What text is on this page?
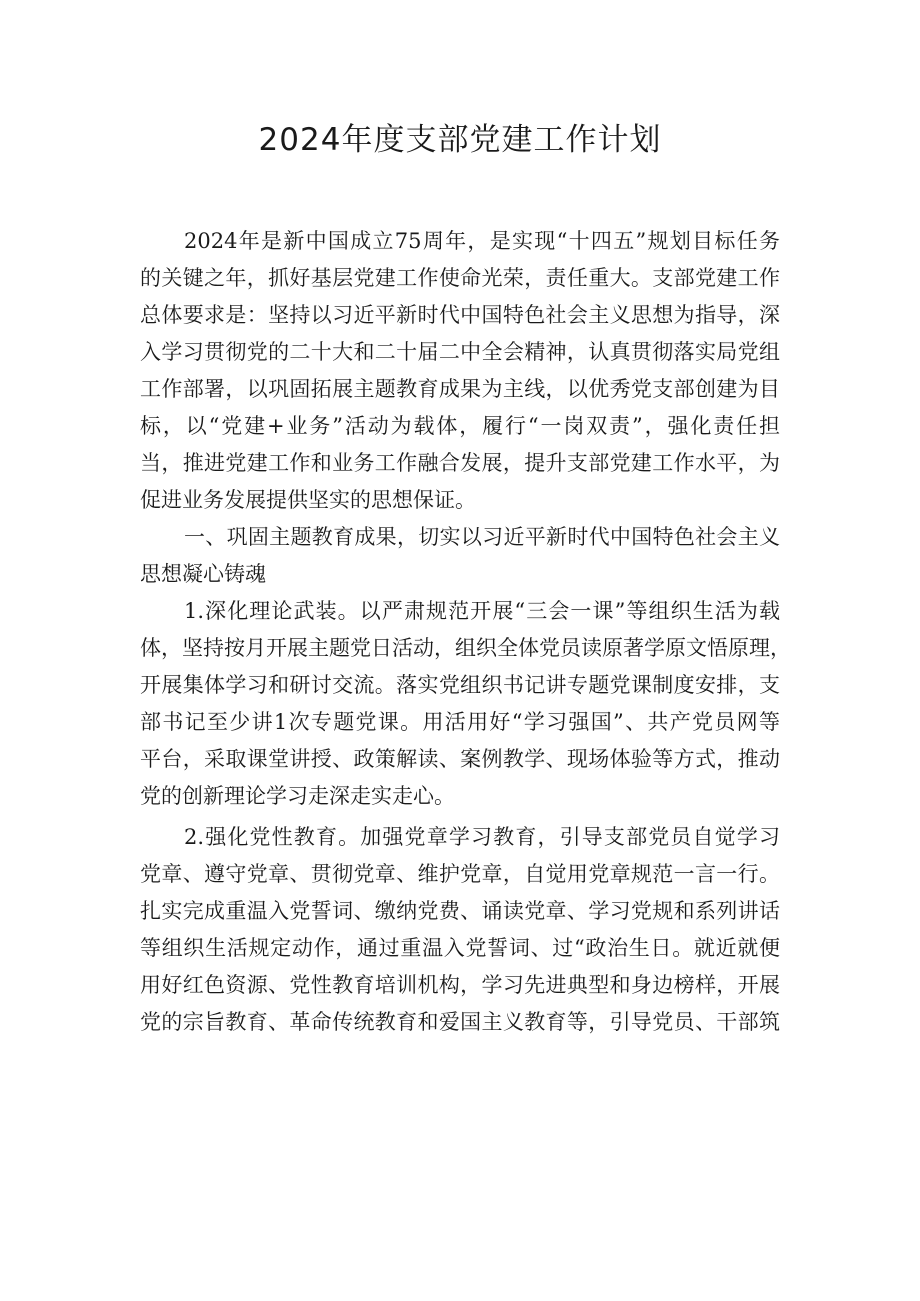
2024年度支部党建工作计划
2024年是新中国成立75周年，是实现“十四五”规划目标任务
的关键之年，抓好基层党建工作使命光荣，责任重大。支部党建工作
总体要求是：坚持以习近平新时代中国特色社会主义思想为指导，深
入学习贯彻党的二十大和二十届二中全会精神，认真贯彻落实局党组
工作部署，以巩固拓展主题教育成果为主线，以优秀党支部创建为目
标，以“党建+业务”活动为载体，履行“一岗双责”，强化责任担
当，推进党建工作和业务工作融合发展，提升支部党建工作水平，为
促进业务发展提供坚实的思想保证。
一、巩固主题教育成果，切实以习近平新时代中国特色社会主义
思想凝心铸魂
1.深化理论武装。以严肃规范开展“三会一课”等组织生活为载
体，坚持按月开展主题党日活动，组织全体党员读原著学原文悟原理，
开展集体学习和研讨交流。落实党组织书记讲专题党课制度安排，支
部书记至少讲1次专题党课。用活用好“学习强国”、共产党员网等
平台，采取课堂讲授、政策解读、案例教学、现场体验等方式，推动
党的创新理论学习走深走实走心。
2.强化党性教育。加强党章学习教育，引导支部党员自觉学习
党章、遵守党章、贯彻党章、维护党章，自觉用党章规范一言一行。
扎实完成重温入党誓词、缴纳党费、诵读党章、学习党规和系列讲话
等组织生活规定动作，通过重温入党誓词、过“政治生日。就近就便
用好红色资源、党性教育培训机构，学习先进典型和身边榜样，开展
党的宗旨教育、革命传统教育和爱国主义教育等，引导党员、干部筑
